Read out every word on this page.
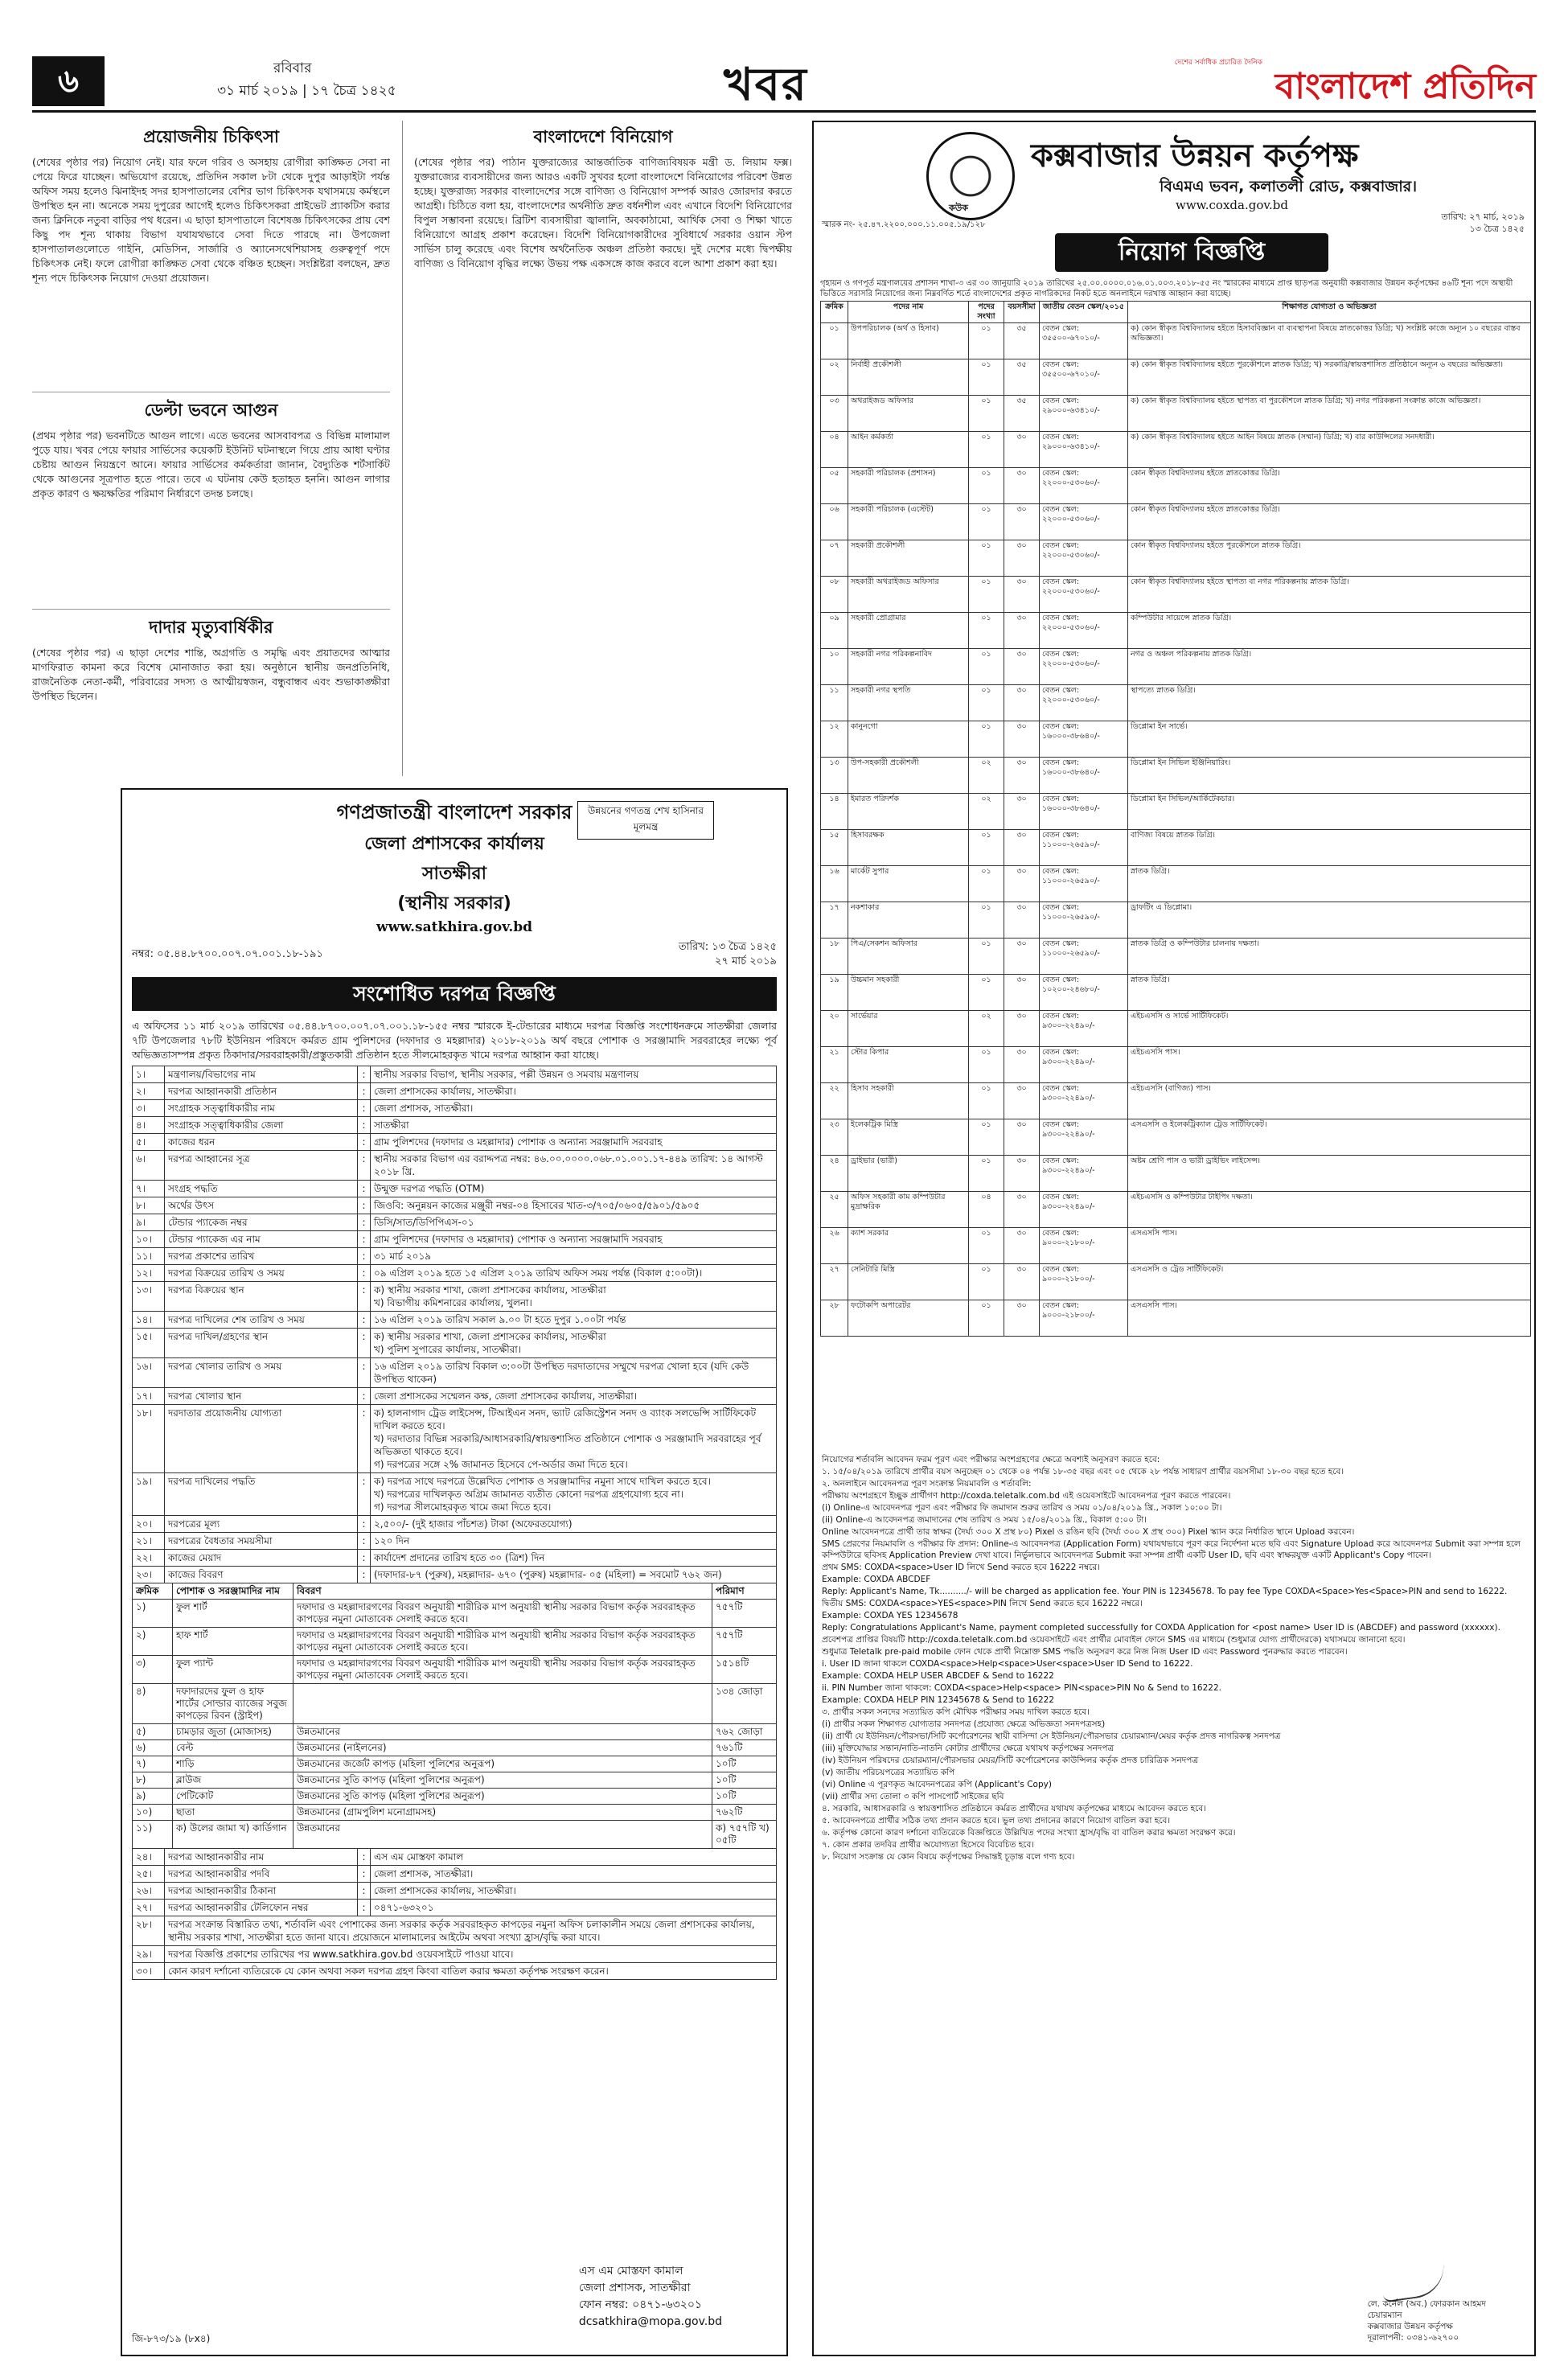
৬	রবিবার
৩১ মার্চ ২০১৯ | ১৭ চৈত্র ১৪২৫	খবর	দেশের সর্বাধিক প্রচারিত দৈনিক
বাংলাদেশ প্রতিদিন
প্রয়োজনীয় চিকিৎসা
(শেষের পৃষ্ঠার পর) নিয়োগ নেই। যার ফলে গরিব ও অসহায় রোগীরা কাঙ্ক্ষিত সেবা না পেয়ে ফিরে যাচ্ছেন। অভিযোগ রয়েছে, প্রতিদিন সকাল ৮টা থেকে দুপুর আড়াইটা পর্যন্ত অফিস সময় হলেও ঝিনাইদহ সদর হাসপাতালের বেশির ভাগ চিকিৎসক যথাসময়ে কর্মস্থলে উপস্থিত হন না। অনেকে সময় দুপুরের আগেই হলেও চিকিৎসকরা প্রাইভেট প্র্যাকটিস করার জন্য ক্লিনিকে নতুবা বাড়ির পথ ধরেন। এ ছাড়া হাসপাতালে বিশেষজ্ঞ চিকিৎসকের প্রায় বেশ কিছু পদ শূন্য থাকায় বিভাগ যথাযথভাবে সেবা দিতে পারছে না। উপজেলা হাসপাতালগুলোতে গাইনি, মেডিসিন, সার্জারি ও অ্যানেসথেশিয়াসহ গুরুত্বপূর্ণ পদে চিকিৎসক নেই। ফলে রোগীরা কাঙ্ক্ষিত সেবা থেকে বঞ্চিত হচ্ছেন। সংশ্লিষ্টরা বলছেন, দ্রুত শূন্য পদে চিকিৎসক নিয়োগ দেওয়া প্রয়োজন।
ডেল্টা ভবনে আগুন
(প্রথম পৃষ্ঠার পর) ভবনটিতে আগুন লাগে। এতে ভবনের আসবাবপত্র ও বিভিন্ন মালামাল পুড়ে যায়। খবর পেয়ে ফায়ার সার্ভিসের কয়েকটি ইউনিট ঘটনাস্থলে গিয়ে প্রায় আধা ঘণ্টার চেষ্টায় আগুন নিয়ন্ত্রণে আনে। ফায়ার সার্ভিসের কর্মকর্তারা জানান, বৈদ্যুতিক শর্টসার্কিট থেকে আগুনের সূত্রপাত হতে পারে। তবে এ ঘটনায় কেউ হতাহত হননি। আগুন লাগার প্রকৃত কারণ ও ক্ষয়ক্ষতির পরিমাণ নির্ধারণে তদন্ত চলছে।
দাদার মৃত্যুবার্ষিকীর
(শেষের পৃষ্ঠার পর) এ ছাড়া দেশের শান্তি, অগ্রগতি ও সমৃদ্ধি এবং প্রয়াতদের আত্মার মাগফিরাত কামনা করে বিশেষ মোনাজাত করা হয়। অনুষ্ঠানে স্থানীয় জনপ্রতিনিধি, রাজনৈতিক নেতা-কর্মী, পরিবারের সদস্য ও আত্মীয়স্বজন, বন্ধুবান্ধব এবং শুভাকাঙ্ক্ষীরা উপস্থিত ছিলেন।
বাংলাদেশে বিনিয়োগ
(শেষের পৃষ্ঠার পর) পাঠান যুক্তরাজ্যের আন্তর্জাতিক বাণিজ্যবিষয়ক মন্ত্রী ড. লিয়াম ফক্স। যুক্তরাজ্যের ব্যবসায়ীদের জন্য আরও একটি সুখবর হলো বাংলাদেশে বিনিয়োগের পরিবেশ উন্নত হচ্ছে। যুক্তরাজ্য সরকার বাংলাদেশের সঙ্গে বাণিজ্য ও বিনিয়োগ সম্পর্ক আরও জোরদার করতে আগ্রহী। চিঠিতে বলা হয়, বাংলাদেশের অর্থনীতি দ্রুত বর্ধনশীল এবং এখানে বিদেশি বিনিয়োগের বিপুল সম্ভাবনা রয়েছে। ব্রিটিশ ব্যবসায়ীরা জ্বালানি, অবকাঠামো, আর্থিক সেবা ও শিক্ষা খাতে বিনিয়োগে আগ্রহ প্রকাশ করেছেন। বিদেশি বিনিয়োগকারীদের সুবিধার্থে সরকার ওয়ান স্টপ সার্ভিস চালু করেছে এবং বিশেষ অর্থনৈতিক অঞ্চল প্রতিষ্ঠা করছে। দুই দেশের মধ্যে দ্বিপক্ষীয় বাণিজ্য ও বিনিয়োগ বৃদ্ধির লক্ষ্যে উভয় পক্ষ একসঙ্গে কাজ করবে বলে আশা প্রকাশ করা হয়।
গণপ্রজাতন্ত্রী বাংলাদেশ সরকার
জেলা প্রশাসকের কার্যালয়
সাতক্ষীরা
(স্থানীয় সরকার)
www.satkhira.gov.bd
উন্নয়নের গণতন্ত্র শেখ হাসিনার মূলমন্ত্র
নম্বর: ০৫.৪৪.৮৭০০.০০৭.০৭.০০১.১৮-১৯১
তারিখ: ১৩ চৈত্র ১৪২৫
২৭ মার্চ ২০১৯
সংশোধিত দরপত্র বিজ্ঞপ্তি
এ অফিসের ১১ মার্চ ২০১৯ তারিখের ০৫.৪৪.৮৭০০.০০৭.০৭.০০১.১৮-১৫৫ নম্বর স্মারকে ই-টেন্ডারের মাধ্যমে দরপত্র বিজ্ঞপ্তি সংশোধনক্রমে সাতক্ষীরা জেলার ৭টি উপজেলার ৭৮টি ইউনিয়ন পরিষদে কর্মরত গ্রাম পুলিশদের (দফাদার ও মহল্লাদার) ২০১৮-২০১৯ অর্থ বছরে পোশাক ও সরঞ্জামাদি সরবরাহের লক্ষ্যে পূর্ব অভিজ্ঞতাসম্পন্ন প্রকৃত ঠিকাদার/সরবরাহকারী/প্রস্তুতকারী প্রতিষ্ঠান হতে সীলমোহরকৃত খামে দরপত্র আহ্বান করা যাচ্ছে।
১।	মন্ত্রণালয়/বিভাগের নাম	:	স্থানীয় সরকার বিভাগ, স্থানীয় সরকার, পল্লী উন্নয়ন ও সমবায় মন্ত্রণালয়
২।	দরপত্র আহ্বানকারী প্রতিষ্ঠান	:	জেলা প্রশাসকের কার্যালয়, সাতক্ষীরা।
৩।	সংগ্রাহক সত্ত্বাধিকারীর নাম	:	জেলা প্রশাসক, সাতক্ষীরা।
৪।	সংগ্রাহক সত্ত্বাধিকারীর জেলা	:	সাতক্ষীরা
৫।	কাজের ধরন	:	গ্রাম পুলিশদের (দফাদার ও মহল্লাদার) পোশাক ও অন্যান্য সরঞ্জামাদি সরবরাহ
৬।	দরপত্র আহ্বানের সূত্র	:	স্থানীয় সরকার বিভাগ এর বরাদ্দপত্র নম্বর: ৪৬.০০.০০০০.০৬৮.০১.০০১.১৭-৪৪৯ তারিখ: ১৪ আগস্ট ২০১৮ খ্রি.
৭।	সংগ্রহ পদ্ধতি	:	উন্মুক্ত দরপত্র পদ্ধতি (OTM)
৮।	অর্থের উৎস	:	জিওবি: অনুন্নয়ন কাজের মঞ্জুরী নম্বর-০৪ হিসাবের খাত-৩/৭০৫/০৬০৫/৫৯০১/৫৯০৫
৯।	টেন্ডার প্যাকেজ নম্বর	:	ডিসি/সাত/ডিপিপিএস-০১
১০।	টেন্ডার প্যাকেজ এর নাম	:	গ্রাম পুলিশদের (দফাদার ও মহল্লাদার) পোশাক ও অন্যান্য সরঞ্জামাদি সরবরাহ
১১।	দরপত্র প্রকাশের তারিখ	:	৩১ মার্চ ২০১৯
১২।	দরপত্র বিক্রয়ের তারিখ ও সময়	:	০৯ এপ্রিল ২০১৯ হতে ১৫ এপ্রিল ২০১৯ তারিখ অফিস সময় পর্যন্ত (বিকাল ৫:০০টা)।
১৩।	দরপত্র বিক্রয়ের স্থান	:	ক) স্থানীয় সরকার শাখা, জেলা প্রশাসকের কার্যালয়, সাতক্ষীরা
খ) বিভাগীয় কমিশনারের কার্যালয়, খুলনা।
১৪।	দরপত্র দাখিলের শেষ তারিখ ও সময়	:	১৬ এপ্রিল ২০১৯ তারিখ সকাল ৯.০০ টা হতে দুপুর ১.০০টা পর্যন্ত
১৫।	দরপত্র দাখিল/গ্রহণের স্থান	:	ক) স্থানীয় সরকার শাখা, জেলা প্রশাসকের কার্যালয়, সাতক্ষীরা
খ) পুলিশ সুপারের কার্যালয়, সাতক্ষীরা।
১৬।	দরপত্র খোলার তারিখ ও সময়	:	১৬ এপ্রিল ২০১৯ তারিখ বিকাল ৩:০০টা উপস্থিত দরদাতাদের সম্মুখে দরপত্র খোলা হবে (যদি কেউ উপস্থিত থাকেন)
১৭।	দরপত্র খোলার স্থান	:	জেলা প্রশাসকের সম্মেলন কক্ষ, জেলা প্রশাসকের কার্যালয়, সাতক্ষীরা।
১৮।	দরদাতার প্রয়োজনীয় যোগ্যতা	:	ক) হালনাগাদ ট্রেড লাইসেন্স, টিআইএন সনদ, ভ্যাট রেজিস্ট্রেশন সনদ ও ব্যাংক সলভেন্সি সার্টিফিকেট দাখিল করতে হবে।
খ) দরদাতার বিভিন্ন সরকারি/আধাসরকারি/স্বায়ত্তশাসিত প্রতিষ্ঠানে পোশাক ও সরঞ্জামাদি সরবরাহের পূর্ব অভিজ্ঞতা থাকতে হবে।
গ) দরপত্রের সঙ্গে ২% জামানত হিসেবে পে-অর্ডার জমা দিতে হবে।
১৯।	দরপত্র দাখিলের পদ্ধতি	:	ক) দরপত্র সাথে দরপত্রে উল্লেখিত পোশাক ও সরঞ্জামাদির নমুনা সাথে দাখিল করতে হবে।
খ) দরপত্রের দাখিলকৃত অগ্রিম জামানত ব্যতীত কোনো দরপত্র গ্রহণযোগ্য হবে না।
গ) দরপত্র সীলমোহরকৃত খামে জমা দিতে হবে।
২০।	দরপত্রের মূল্য	:	২,৫০০/- (দুই হাজার পাঁচশত) টাকা (অফেরতযোগ্য)
২১।	দরপত্রের বৈধতার সময়সীমা	:	১২০ দিন
২২।	কাজের মেয়াদ	:	কার্যাদেশ প্রদানের তারিখ হতে ৩০ (ত্রিশ) দিন
২৩।	কাজের বিবরণ	:	(দফাদার-৮৭ (পুরুষ), মহল্লাদার- ৬৭০ (পুরুষ) মহল্লাদার- ০৫ (মহিলা) = সবমোট ৭৬২ জন)
ক্রমিক	পোশাক ও সরঞ্জামাদির নাম	বিবরণ	পরিমাণ
১)	ফুল শার্ট	দফাদার ও মহল্লাদারগণের বিবরণ অনুযায়ী শারীরিক মাপ অনুযায়ী স্থানীয় সরকার বিভাগ কর্তৃক সরবরাহকৃত কাপড়ের নমুনা মোতাবেক সেলাই করতে হবে।	৭৫৭টি
২)	হাফ শার্ট	দফাদার ও মহল্লাদারগণের বিবরণ অনুযায়ী শারীরিক মাপ অনুযায়ী স্থানীয় সরকার বিভাগ কর্তৃক সরবরাহকৃত কাপড়ের নমুনা মোতাবেক সেলাই করতে হবে।	৭৫৭টি
৩)	ফুল প্যান্ট	দফাদার ও মহল্লাদারগণের বিবরণ অনুযায়ী শারীরিক মাপ অনুযায়ী স্থানীয় সরকার বিভাগ কর্তৃক সরবরাহকৃত কাপড়ের নমুনা মোতাবেক সেলাই করতে হবে।	১৫১৪টি
৪)	দফাদারদের ফুল ও হাফ শার্টের সোল্ডার ব্যাজের সবুজ কাপড়ের রিবন (স্ট্রাইপ)		১৩৪ জোড়া
৫)	চামড়ার জুতা (মোজাসহ)	উন্নতমানের	৭৬২ জোড়া
৬)	বেল্ট	উন্নতমানের (নাইলনের)	৭৬১টি
৭)	শাড়ি	উন্নতমানের জর্জেট কাপড় (মহিলা পুলিশের অনুরূপ)	১০টি
৮)	ব্লাউজ	উন্নতমানের সুতি কাপড় (মহিলা পুলিশের অনুরূপ)	১০টি
৯)	পেটিকোট	উন্নতমানের সুতি কাপড় (মহিলা পুলিশের অনুরূপ)	১০টি
১০)	ছাতা	উন্নতমানের (গ্রামপুলিশ মনোগ্রামসহ)	৭৬২টি
১১)	ক) উলের জামা খ) কার্ডিগান	উন্নতমানের	ক) ৭৫৭টি খ) ০৫টি
২৪।	দরপত্র আহ্বানকারীর নাম	:	এস এম মোস্তফা কামাল
২৫।	দরপত্র আহ্বানকারীর পদবি	:	জেলা প্রশাসক, সাতক্ষীরা।
২৬।	দরপত্র আহ্বানকারীর ঠিকানা	:	জেলা প্রশাসকের কার্যালয়, সাতক্ষীরা।
২৭।	দরপত্র আহ্বানকারীর টেলিফোন নম্বর	:	০৪৭১-৬৩২০১
২৮।	দরপত্র সংক্রান্ত বিস্তারিত তথ্য, শর্তাবলি এবং পোশাকের জন্য সরকার কর্তৃক সরবরাহকৃত কাপড়ের নমুনা অফিস চলাকালীন সময়ে জেলা প্রশাসকের কার্যালয়, স্থানীয় সরকার শাখা, সাতক্ষীরা হতে জানা যাবে। প্রয়োজনে মালামালের আইটেম অথবা সংখ্যা হ্রাস/বৃদ্ধি করা যাবে।
২৯।	দরপত্র বিজ্ঞপ্তি প্রকাশের তারিখের পর www.satkhira.gov.bd ওয়েবসাইটে পাওয়া যাবে।
৩০।	কোন কারণ দর্শানো ব্যতিরেকে যে কোন অথবা সকল দরপত্র গ্রহণ কিংবা বাতিল করার ক্ষমতা কর্তৃপক্ষ সংরক্ষণ করেন।
এস এম মোস্তফা কামাল
জেলা প্রশাসক, সাতক্ষীরা
ফোন নম্বর: ০৪৭১-৬৩২০১
dcsatkhira@mopa.gov.bd
জি-৮৭৩/১৯ (৮x৪)
কউক
কক্সবাজার উন্নয়ন কর্তৃপক্ষ
বিএমএ ভবন, কলাতলী রোড, কক্সবাজার।
www.coxda.gov.bd
স্মারক নং- ২৫.৪৭.২২০০.০০০.১১.০০৫.১৯/১২৮
তারিখ: ২৭ মার্চ, ২০১৯
১৩ চৈত্র ১৪২৫
নিয়োগ বিজ্ঞপ্তি
গৃহায়ন ও গণপূর্ত মন্ত্রণালয়ের প্রশাসন শাখা-৩ এর ৩০ জানুয়ারি ২০১৯ তারিখের ২৫.০০.০০০০.০১৬.০১.০০৩.২০১৮-৫৫ নং স্মারকের মাধ্যমে প্রাপ্ত ছাড়পত্র অনুযায়ী কক্সবাজার উন্নয়ন কর্তৃপক্ষের ৪৬টি শূন্য পদে অস্থায়ী ভিত্তিতে সরাসরি নিয়োগের জন্য নিম্নবর্ণিত শর্তে বাংলাদেশের প্রকৃত নাগরিকদের নিকট হতে অনলাইনে দরখাস্ত আহ্বান করা যাচ্ছে।
ক্রমিক	পদের নাম	পদের সংখ্যা	বয়সসীমা	জাতীয় বেতন স্কেল/২০১৫	শিক্ষাগত যোগ্যতা ও অভিজ্ঞতা
০১	উপপরিচালক (অর্থ ও হিসাব)	০১	৩৫	বেতন স্কেল: ৩৫৫০০-৬৭০১০/-	ক) কোন স্বীকৃত বিশ্ববিদ্যালয় হইতে হিসাববিজ্ঞান বা ব্যবস্থাপনা বিষয়ে স্নাতকোত্তর ডিগ্রি; খ) সংশ্লিষ্ট কাজে অন্যূন ১০ বছরের বাস্তব অভিজ্ঞতা।
০২	নির্বাহী প্রকৌশলী	০১	৩৫	বেতন স্কেল: ৩৫৫০০-৬৭০১০/-	ক) কোন স্বীকৃত বিশ্ববিদ্যালয় হইতে পুরকৌশলে স্নাতক ডিগ্রি; খ) সরকারি/স্বায়ত্তশাসিত প্রতিষ্ঠানে অন্যূন ৬ বছরের অভিজ্ঞতা।
০৩	অথরাইজড অফিসার	০১	৩৫	বেতন স্কেল: ২৯০০০-৬৩৪১০/-	ক) কোন স্বীকৃত বিশ্ববিদ্যালয় হইতে স্থাপত্য বা পুরকৌশলে স্নাতক ডিগ্রি; খ) নগর পরিকল্পনা সংক্রান্ত কাজে অভিজ্ঞতা।
০৪	আইন কর্মকর্তা	০১	৩০	বেতন স্কেল: ২৯০০০-৬৩৪১০/-	ক) কোন স্বীকৃত বিশ্ববিদ্যালয় হইতে আইন বিষয়ে স্নাতক (সম্মান) ডিগ্রি; খ) বার কাউন্সিলের সনদধারী।
০৫	সহকারী পরিচালক (প্রশাসন)	০১	৩০	বেতন স্কেল: ২২০০০-৫৩০৬০/-	কোন স্বীকৃত বিশ্ববিদ্যালয় হইতে স্নাতকোত্তর ডিগ্রি।
০৬	সহকারী পরিচালক (এস্টেট)	০১	৩০	বেতন স্কেল: ২২০০০-৫৩০৬০/-	কোন স্বীকৃত বিশ্ববিদ্যালয় হইতে স্নাতকোত্তর ডিগ্রি।
০৭	সহকারী প্রকৌশলী	০১	৩০	বেতন স্কেল: ২২০০০-৫৩০৬০/-	কোন স্বীকৃত বিশ্ববিদ্যালয় হইতে পুরকৌশলে স্নাতক ডিগ্রি।
০৮	সহকারী অথরাইজড অফিসার	০১	৩০	বেতন স্কেল: ২২০০০-৫৩০৬০/-	কোন স্বীকৃত বিশ্ববিদ্যালয় হইতে স্থাপত্য বা নগর পরিকল্পনায় স্নাতক ডিগ্রি।
০৯	সহকারী প্রোগ্রামার	০১	৩০	বেতন স্কেল: ২২০০০-৫৩০৬০/-	কম্পিউটার সায়েন্সে স্নাতক ডিগ্রি।
১০	সহকারী নগর পরিকল্পনাবিদ	০১	৩০	বেতন স্কেল: ২২০০০-৫৩০৬০/-	নগর ও অঞ্চল পরিকল্পনায় স্নাতক ডিগ্রি।
১১	সহকারী নগর স্থপতি	০১	৩০	বেতন স্কেল: ২২০০০-৫৩০৬০/-	স্থাপত্যে স্নাতক ডিগ্রি।
১২	কানুনগো	০১	৩০	বেতন স্কেল: ১৬০০০-৩৮৬৪০/-	ডিপ্লোমা ইন সার্ভে।
১৩	উপ-সহকারী প্রকৌশলী	০২	৩০	বেতন স্কেল: ১৬০০০-৩৮৬৪০/-	ডিপ্লোমা ইন সিভিল ইঞ্জিনিয়ারিং।
১৪	ইমারত পরিদর্শক	০২	৩০	বেতন স্কেল: ১৬০০০-৩৮৬৪০/-	ডিপ্লোমা ইন সিভিল/আর্কিটেকচার।
১৫	হিসাবরক্ষক	০১	৩০	বেতন স্কেল: ১১০০০-২৬৫৯০/-	বাণিজ্য বিষয়ে স্নাতক ডিগ্রি।
১৬	মার্কেট সুপার	০১	৩০	বেতন স্কেল: ১১০০০-২৬৫৯০/-	স্নাতক ডিগ্রি।
১৭	নকশাকার	০১	৩০	বেতন স্কেল: ১১০০০-২৬৫৯০/-	ড্রাফটিং এ ডিপ্লোমা।
১৮	পিএ/সেকশন অফিসার	০১	৩০	বেতন স্কেল: ১১০০০-২৬৫৯০/-	স্নাতক ডিগ্রি ও কম্পিউটার চালনায় দক্ষতা।
১৯	উচ্চমান সহকারী	০১	৩০	বেতন স্কেল: ১০২০০-২৪৬৮০/-	স্নাতক ডিগ্রি।
২০	সার্ভেয়ার	০২	৩০	বেতন স্কেল: ৯৩০০-২২৪৯০/-	এইচএসসি ও সার্ভে সার্টিফিকেট।
২১	স্টোর কিপার	০১	৩০	বেতন স্কেল: ৯৩০০-২২৪৯০/-	এইচএসসি পাস।
২২	হিসাব সহকারী	০১	৩০	বেতন স্কেল: ৯৩০০-২২৪৯০/-	এইচএসসি (বাণিজ্য) পাস।
২৩	ইলেকট্রিক মিস্ত্রি	০১	৩০	বেতন স্কেল: ৯৩০০-২২৪৯০/-	এসএসসি ও ইলেকট্রিক্যাল ট্রেড সার্টিফিকেট।
২৪	ড্রাইভার (ভারী)	০১	৩০	বেতন স্কেল: ৯৩০০-২২৪৯০/-	অষ্টম শ্রেণি পাস ও ভারী ড্রাইভিং লাইসেন্স।
২৫	অফিস সহকারী কাম কম্পিউটার মুদ্রাক্ষরিক	০৪	৩০	বেতন স্কেল: ৯৩০০-২২৪৯০/-	এইচএসসি ও কম্পিউটার টাইপিং দক্ষতা।
২৬	ক্যাশ সরকার	০১	৩০	বেতন স্কেল: ৯০০০-২১৮০০/-	এসএসসি পাস।
২৭	সেনিটারি মিস্ত্রি	০১	৩০	বেতন স্কেল: ৯০০০-২১৮০০/-	এসএসসি ও ট্রেড সার্টিফিকেট।
২৮	ফটোকপি অপারেটর	০১	৩০	বেতন স্কেল: ৯০০০-২১৮০০/-	এসএসসি পাস।

নিয়োগের শর্তাবলি আবেদন ফরম পূরণ এবং পরীক্ষার অংশগ্রহণের ক্ষেত্রে অবশ্যই অনুসরণ করতে হবে:

১. ১৫/০৪/২০১৯ তারিখে প্রার্থীর বয়স অনুচ্ছেদ ০১ থেকে ০৪ পর্যন্ত ১৮-৩৫ বছর এবং ০৫ থেকে ২৮ পর্যন্ত সাধারণ প্রার্থীর বয়সসীমা ১৮-৩০ বছর হতে হবে।

২. অনলাইনে আবেদনপত্র পূরণ সংক্রান্ত নিয়মাবলি ও শর্তাবলি:

পরীক্ষায় অংশগ্রহণে ইচ্ছুক প্রার্থীগণ http://coxda.teletalk.com.bd এই ওয়েবসাইটে আবেদনপত্র পূরণ করতে পারবেন।

(i) Online-এ আবেদনপত্র পূরণ এবং পরীক্ষার ফি জমাদান শুরুর তারিখ ও সময় ০১/০৪/২০১৯ খ্রি., সকাল ১০:০০ টা।

(ii) Online-এ আবেদনপত্র জমাদানের শেষ তারিখ ও সময় ১৫/০৪/২০১৯ খ্রি., বিকাল ৫:০০ টা।

Online আবেদনপত্রে প্রার্থী তার স্বাক্ষর (দৈর্ঘ্য ৩০০ X প্রস্থ ৮০) Pixel ও রঙিন ছবি (দৈর্ঘ্য ৩০০ X প্রস্থ ৩০০) Pixel স্ক্যান করে নির্ধারিত স্থানে Upload করবেন।

SMS প্রেরণের নিয়মাবলি ও পরীক্ষার ফি প্রদান: Online-এ আবেদনপত্র (Application Form) যথাযথভাবে পূরণ করে নির্দেশনা মতে ছবি এবং Signature Upload করে আবেদনপত্র Submit করা সম্পন্ন হলে কম্পিউটারে ছবিসহ Application Preview দেখা যাবে। নির্ভুলভাবে আবেদনপত্র Submit করা সম্পন্ন প্রার্থী একটি User ID, ছবি এবং স্বাক্ষরযুক্ত একটি Applicant's Copy পাবেন।

প্রথম SMS: COXDA<space>User ID লিখে Send করতে হবে 16222 নম্বরে।

Example: COXDA ABCDEF

Reply: Applicant's Name, Tk........../- will be charged as application fee. Your PIN is 12345678. To pay fee Type COXDA<Space>Yes<Space>PIN and send to 16222.

দ্বিতীয় SMS: COXDA<space>YES<space>PIN লিখে Send করতে হবে 16222 নম্বরে।

Example: COXDA YES 12345678

Reply: Congratulations Applicant's Name, payment completed successfully for COXDA Application for <post name> User ID is (ABCDEF) and password (xxxxxx).

প্রবেশপত্র প্রাপ্তির বিষয়টি http://coxda.teletalk.com.bd ওয়েবসাইটে এবং প্রার্থীর মোবাইল ফোনে SMS এর মাধ্যমে (শুধুমাত্র যোগ্য প্রার্থীদেরকে) যথাসময়ে জানানো হবে।

শুধুমাত্র Teletalk pre-paid mobile ফোন থেকে প্রার্থী নিম্নোক্ত SMS পদ্ধতি অনুসরণ করে নিজ নিজ User ID এবং Password পুনরুদ্ধার করতে পারবেন।

i. User ID জানা থাকলে COXDA<space>Help<space>User<space>User ID Send to 16222.

Example: COXDA HELP USER ABCDEF & Send to 16222

ii. PIN Number জানা থাকলে: COXDA<space>Help<space> PIN<space>PIN No & Send to 16222.

Example: COXDA HELP PIN 12345678 & Send to 16222

৩. প্রার্থীর সকল সনদের সত্যায়িত কপি মৌখিক পরীক্ষার সময় দাখিল করতে হবে।

(i) প্রার্থীর সকল শিক্ষাগত যোগ্যতার সনদপত্র (প্রযোজ্য ক্ষেত্রে অভিজ্ঞতা সনদপত্রসহ)

(ii) প্রার্থী যে ইউনিয়ন/পৌরসভা/সিটি কর্পোরেশনের স্থায়ী বাসিন্দা সে ইউনিয়ন/পৌরসভার চেয়ারম্যান/মেয়র কর্তৃক প্রদত্ত নাগরিকত্ব সনদপত্র

(iii) মুক্তিযোদ্ধার সন্তান/নাতি-নাতনি কোটার প্রার্থীদের ক্ষেত্রে যথাযথ কর্তৃপক্ষের সনদপত্র

(iv) ইউনিয়ন পরিষদের চেয়ারম্যান/পৌরসভার মেয়র/সিটি কর্পোরেশনের কাউন্সিলর কর্তৃক প্রদত্ত চারিত্রিক সনদপত্র

(v) জাতীয় পরিচয়পত্রের সত্যায়িত কপি

(vi) Online এ পূরণকৃত আবেদনপত্রের কপি (Applicant's Copy)

(vii) প্রার্থীর সদ্য তোলা ৩ কপি পাসপোর্ট সাইজের ছবি

৪. সরকারি, আধাসরকারি ও স্বায়ত্তশাসিত প্রতিষ্ঠানে কর্মরত প্রার্থীদের যথাযথ কর্তৃপক্ষের মাধ্যমে আবেদন করতে হবে।

৫. আবেদনপত্রে প্রার্থীর সঠিক তথ্য প্রদান করতে হবে। ভুল তথ্য প্রদানের কারণে নিয়োগ বাতিল করা হবে।

৬. কর্তৃপক্ষ কোনো কারণ দর্শানো ব্যতিরেকে বিজ্ঞপ্তিতে উল্লিখিত পদের সংখ্যা হ্রাস/বৃদ্ধি বা বাতিল করার ক্ষমতা সংরক্ষণ করে।

৭. কোন প্রকার তদবির প্রার্থীর অযোগ্যতা হিসেবে বিবেচিত হবে।

৮. নিয়োগ সংক্রান্ত যে কোন বিষয়ে কর্তৃপক্ষের সিদ্ধান্তই চূড়ান্ত বলে গণ্য হবে।

লে. কর্নেল (অব.) ফোরকান আহমদ
চেয়ারম্যান
কক্সবাজার উন্নয়ন কর্তৃপক্ষ
দূরালাপনী: ০৩৪১-৬২৭০০
